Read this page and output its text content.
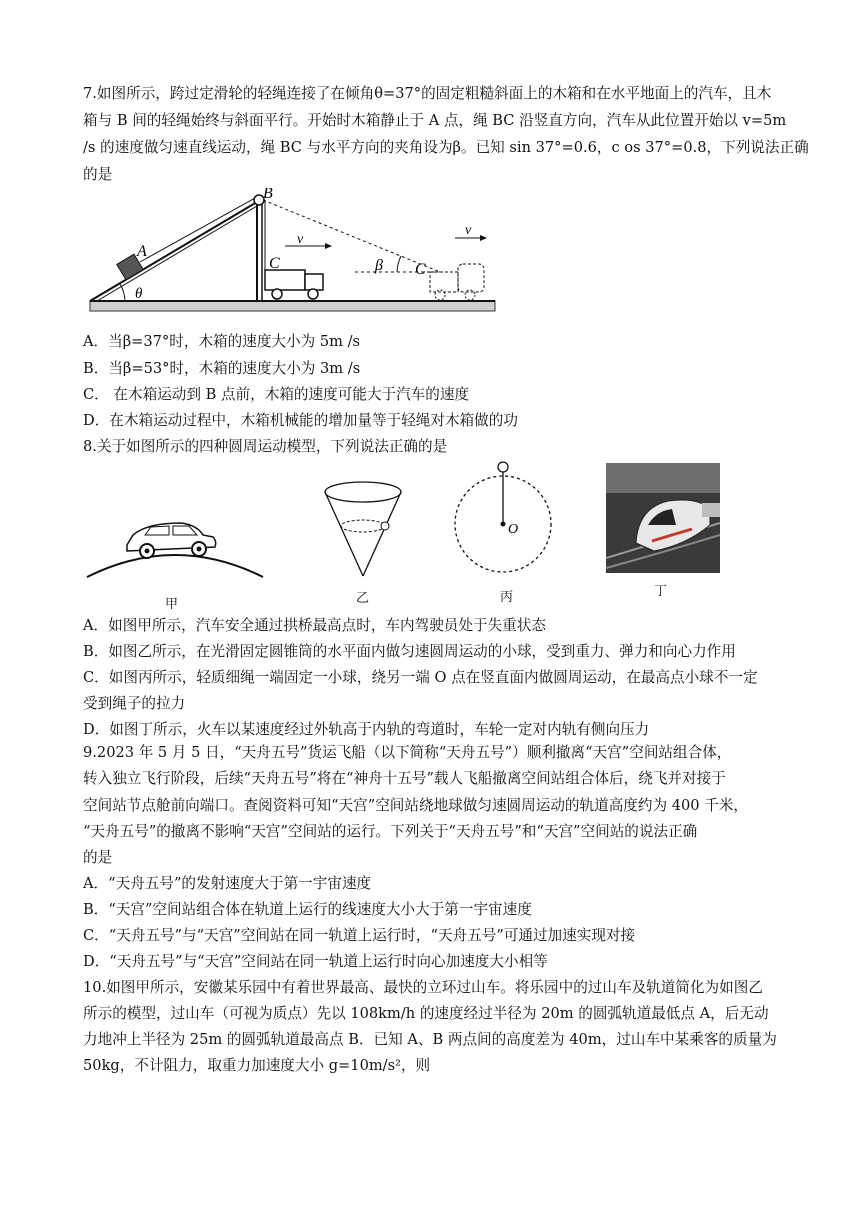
7.如图所示，跨过定滑轮的轻绳连接了在倾角θ=37°的固定粗糙斜面上的木箱和在水平地面上的汽车，且木
箱与 B 间的轻绳始终与斜面平行。开始时木箱静止于 A 点，绳 BC 沿竖直方向，汽车从此位置开始以 v=5m
/s 的速度做匀速直线运动，绳 BC 与水平方向的夹角设为β。已知 sin 37°=0.6，c os 37°=0.8，下列说法正确
的是
A
B
C	C
v
v
β
θ
A．当β=37°时，木箱的速度大小为 5m /s
B．当β=53°时，木箱的速度大小为 3m /s
C． 在木箱运动到 B 点前，木箱的速度可能大于汽车的速度
D．在木箱运动过程中，木箱机械能的增加量等于轻绳对木箱做的功
8.关于如图所示的四种圆周运动模型，下列说法正确的是
甲	乙
O
丙	丁
A．如图甲所示，汽车安全通过拱桥最高点时，车内驾驶员处于失重状态
B．如图乙所示，在光滑固定圆锥筒的水平面内做匀速圆周运动的小球，受到重力、弹力和向心力作用
C．如图丙所示，轻质细绳一端固定一小球，绕另一端 O 点在竖直面内做圆周运动，在最高点小球不一定
受到绳子的拉力
D．如图丁所示，火车以某速度经过外轨高于内轨的弯道时，车轮一定对内轨有侧向压力
9.2023 年 5 月 5 日，“天舟五号”货运飞船（以下简称“天舟五号”）顺利撤离“天宫”空间站组合体，
转入独立飞行阶段，后续“天舟五号”将在“神舟十五号”载人飞船撤离空间站组合体后，绕飞并对接于
空间站节点舱前向端口。查阅资料可知“天宫”空间站绕地球做匀速圆周运动的轨道高度约为 400 千米，
“天舟五号”的撤离不影响“天宫”空间站的运行。下列关于“天舟五号”和“天宫”空间站的说法正确
的是
A．“天舟五号”的发射速度大于第一宇宙速度
B．“天宫”空间站组合体在轨道上运行的线速度大小大于第一宇宙速度
C．“天舟五号”与“天宫”空间站在同一轨道上运行时，“天舟五号”可通过加速实现对接
D．“天舟五号”与“天宫”空间站在同一轨道上运行时向心加速度大小相等
10.如图甲所示，安徽某乐园中有着世界最高、最快的立环过山车。将乐园中的过山车及轨道简化为如图乙
所示的模型，过山车（可视为质点）先以 108km/h 的速度经过半径为 20m 的圆弧轨道最低点 A，后无动
力地冲上半径为 25m 的圆弧轨道最高点 B．已知 A、B 两点间的高度差为 40m，过山车中某乘客的质量为
50kg，不计阻力，取重力加速度大小 g=10m/s²，则
